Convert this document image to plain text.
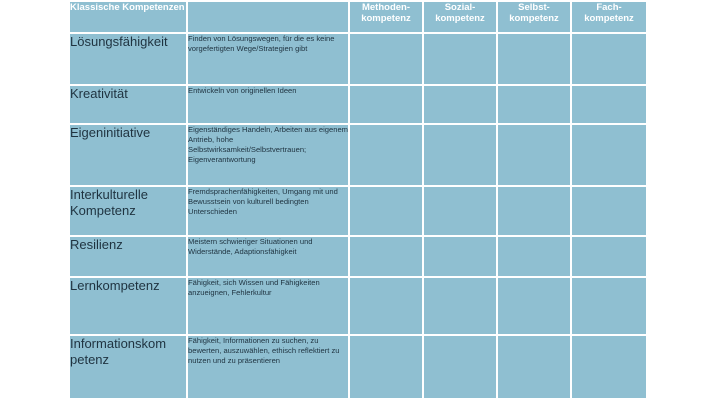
Klassische Kompetenzen		Methoden-kompetenz	Sozial-kompetenz	Selbst-kompetenz	Fach-kompetenz
Lösungsfähigkeit	Finden von Lösungswegen, für die es keine vorgefertigten Wege/Strategien gibt				
Kreativität	Entwickeln von originellen Ideen				
Eigeninitiative	Eigenständiges Handeln, Arbeiten aus eigenem Antrieb, hohe Selbstwirksamkeit/Selbstvertrauen; Eigenverantwortung				
Interkulturelle Kompetenz	Fremdsprachenfähigkeiten, Umgang mit und Bewusstsein von kulturell bedingten Unterschieden				
Resilienz	Meistern schwieriger Situationen und Widerstände, Adaptionsfähigkeit				
Lernkompetenz	Fähigkeit, sich Wissen und Fähigkeiten anzueignen, Fehlerkultur				
Informationskom petenz	Fähigkeit, Informationen zu suchen, zu bewerten, auszuwählen, ethisch reflektiert zu nutzen und zu präsentieren				
